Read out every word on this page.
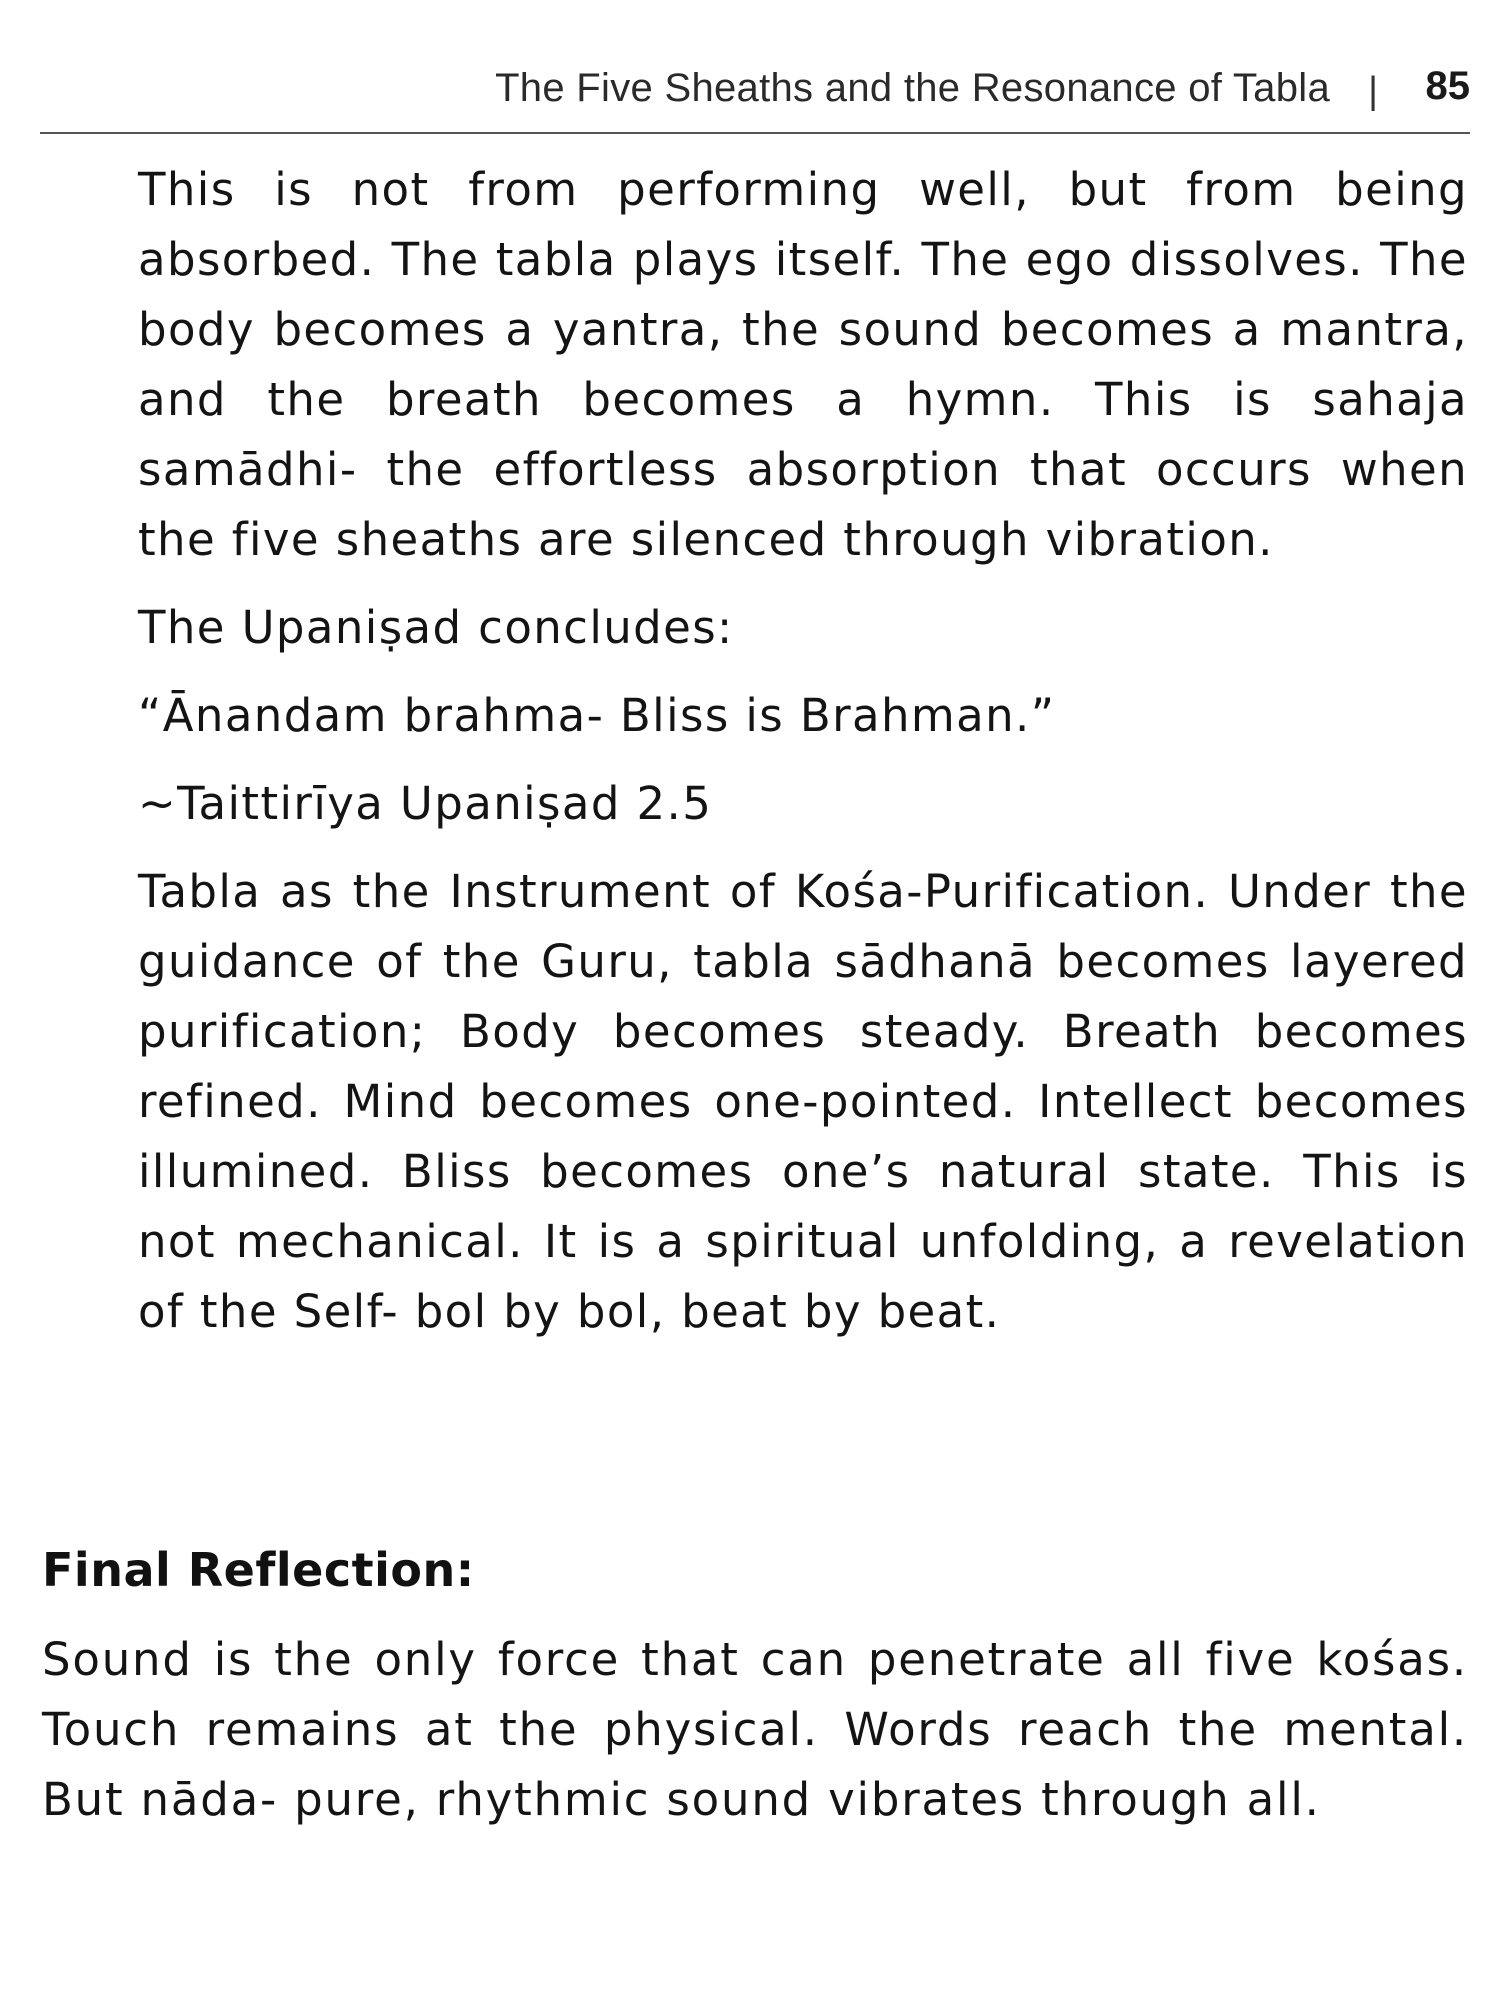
The Five Sheaths and the Resonance of Tabla | 85

This is not from performing well, but from being absorbed. The tabla plays itself. The ego dissolves. The body becomes a yantra, the sound becomes a mantra, and the breath becomes a hymn. This is sahaja samādhi- the effortless absorption that occurs when the five sheaths are silenced through vibration.

The Upaniṣad concludes:

“Ānandam brahma- Bliss is Brahman.”

~Taittirīya Upaniṣad 2.5

Tabla as the Instrument of Kośa-Purification. Under the guidance of the Guru, tabla sādhanā becomes layered purification; Body becomes steady. Breath becomes refined. Mind becomes one-pointed. Intellect becomes illumined. Bliss becomes one’s natural state. This is not mechanical. It is a spiritual unfolding, a revelation of the Self- bol by bol, beat by beat.

Final Reflection:

Sound is the only force that can penetrate all five kośas. Touch remains at the physical. Words reach the mental. But nāda- pure, rhythmic sound vibrates through all.
